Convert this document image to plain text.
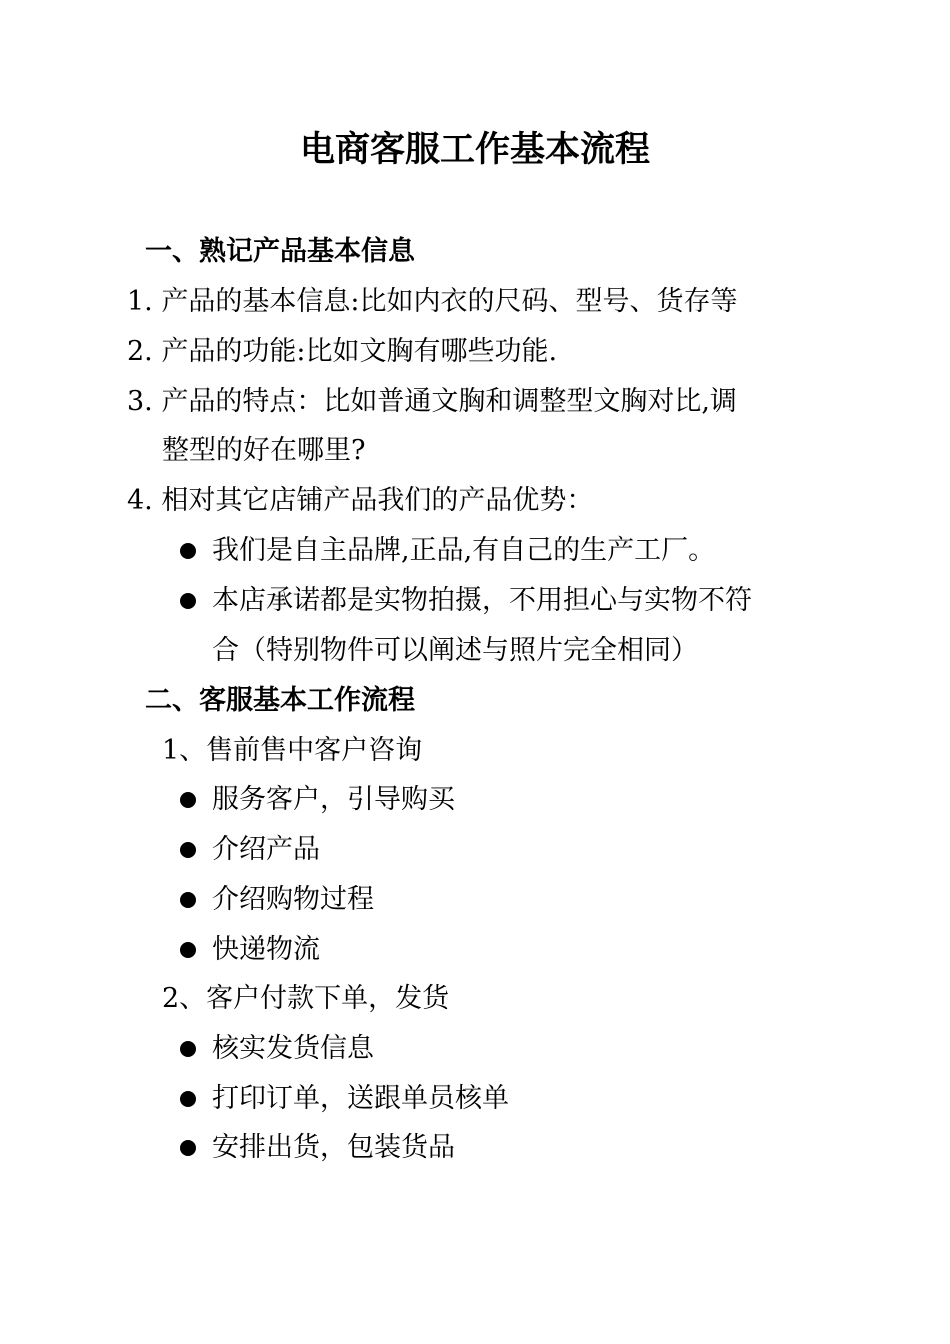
电商客服工作基本流程
一、熟记产品基本信息
1. 产品的基本信息:比如内衣的尺码、型号、货存等
2. 产品的功能:比如文胸有哪些功能.
3. 产品的特点：比如普通文胸和调整型文胸对比,调
整型的好在哪里?
4. 相对其它店铺产品我们的产品优势：
我们是自主品牌,正品,有自己的生产工厂。
本店承诺都是实物拍摄，不用担心与实物不符
合（特别物件可以阐述与照片完全相同）
二、客服基本工作流程
1、售前售中客户咨询
服务客户，引导购买
介绍产品
介绍购物过程
快递物流
2、客户付款下单，发货
核实发货信息
打印订单，送跟单员核单
安排出货，包装货品
